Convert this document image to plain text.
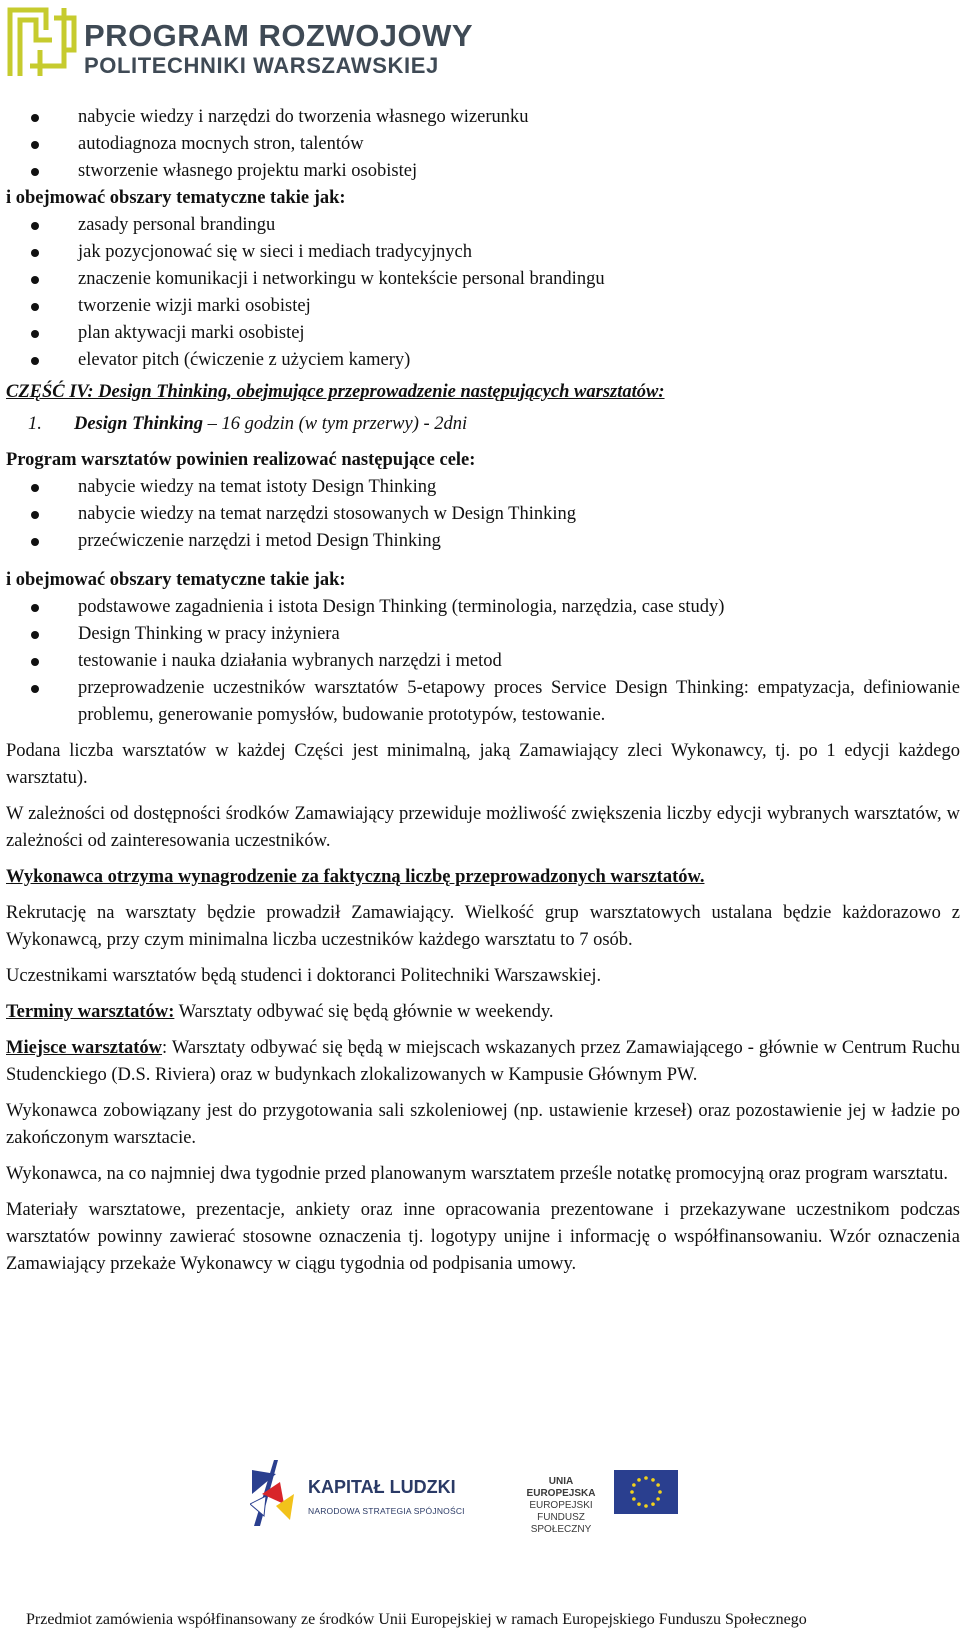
PROGRAM ROZWOJOWY
POLITECHNIKI WARSZAWSKIEJ
nabycie wiedzy i narzędzi do tworzenia własnego wizerunku
autodiagnoza mocnych stron, talentów
stworzenie własnego projektu marki osobistej
i obejmować obszary tematyczne takie jak:
zasady personal brandingu
jak pozycjonować się w sieci i mediach tradycyjnych
znaczenie komunikacji i networkingu w kontekście personal brandingu
tworzenie wizji marki osobistej
plan aktywacji marki osobistej
elevator pitch (ćwiczenie z użyciem kamery)
CZĘŚĆ IV: Design Thinking, obejmujące przeprowadzenie następujących warsztatów:
1. Design Thinking – 16 godzin (w tym przerwy) - 2dni
Program warsztatów powinien realizować następujące cele:
nabycie wiedzy na temat istoty Design Thinking
nabycie wiedzy na temat narzędzi stosowanych w Design Thinking
przećwiczenie narzędzi i metod Design Thinking
i obejmować obszary tematyczne takie jak:
podstawowe zagadnienia i istota Design Thinking (terminologia, narzędzia, case study)
Design Thinking w pracy inżyniera
testowanie i nauka działania wybranych narzędzi i metod
przeprowadzenie uczestników warsztatów 5-etapowy proces Service Design Thinking: empatyzacja, definiowanie problemu, generowanie pomysłów, budowanie prototypów, testowanie.

Podana liczba warsztatów w każdej Części jest minimalną, jaką Zamawiający zleci Wykonawcy, tj. po 1 edycji każdego warsztatu).

W zależności od dostępności środków Zamawiający przewiduje możliwość zwiększenia liczby edycji wybranych warsztatów, w zależności od zainteresowania uczestników.

Wykonawca otrzyma wynagrodzenie za faktyczną liczbę przeprowadzonych warsztatów.

Rekrutację na warsztaty będzie prowadził Zamawiający. Wielkość grup warsztatowych ustalana będzie każdorazowo z Wykonawcą, przy czym minimalna liczba uczestników każdego warsztatu to 7 osób.

Uczestnikami warsztatów będą studenci i doktoranci Politechniki Warszawskiej.

Terminy warsztatów: Warsztaty odbywać się będą głównie w weekendy.

Miejsce warsztatów: Warsztaty odbywać się będą w miejscach wskazanych przez Zamawiającego - głównie w Centrum Ruchu Studenckiego (D.S. Riviera) oraz w budynkach zlokalizowanych w Kampusie Głównym PW.

Wykonawca zobowiązany jest do przygotowania sali szkoleniowej (np. ustawienie krzeseł) oraz pozostawienie jej w ładzie po zakończonym warsztacie.

Wykonawca, na co najmniej dwa tygodnie przed planowanym warsztatem prześle notatkę promocyjną oraz program warsztatu.

Materiały warsztatowe, prezentacje, ankiety oraz inne opracowania prezentowane i przekazywane uczestnikom podczas warsztatów powinny zawierać stosowne oznaczenia tj. logotypy unijne i informację o współfinansowaniu. Wzór oznaczenia Zamawiający przekaże Wykonawcy w ciągu tygodnia od podpisania umowy.

KAPITAŁ LUDZKI
NARODOWA STRATEGIA SPÓJNOŚCI
UNIA EUROPEJSKA
EUROPEJSKI
FUNDUSZ SPOŁECZNY
Przedmiot zamówienia współfinansowany ze środków Unii Europejskiej w ramach Europejskiego Funduszu Społecznego
